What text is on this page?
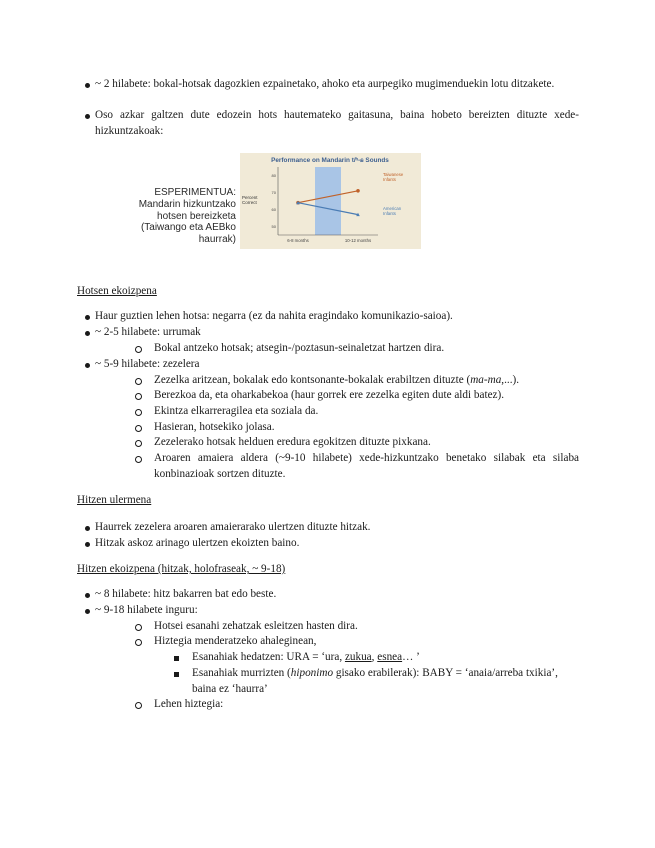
~ 2 hilabete: bokal-hotsak dagozkien ezpainetako, ahoko eta aurpegiko mugimenduekin lotu ditzakete.
Oso azkar galtzen dute edozein hots hautemateko gaitasuna, baina hobeto bereizten dituzte xede-hizkuntzakoak:
ESPERIMENTUA:
Mandarin hizkuntzako
hotsen bereizketa
(Taiwango eta AEBko
haurrak)
Performance on Mandarin t/ʰ-ɕ Sounds
Percent
Correct
Taiwanese
Infants
American
Infants
80
70
60
50
6-8 months	10-12 months
Hotsen ekoizpena
Haur guztien lehen hotsa: negarra (ez da nahita eragindako komunikazio-saioa).
~ 2-5 hilabete: urrumak
Bokal antzeko hotsak; atsegin-/poztasun-seinaletzat hartzen dira.
~ 5-9 hilabete: zezelera
Zezelka aritzean, bokalak edo kontsonante-bokalak erabiltzen dituzte (ma-ma,...).
Berezkoa da, eta oharkabekoa (haur gorrek ere zezelka egiten dute aldi batez).
Ekintza elkarreragilea eta soziala da.
Hasieran, hotsekiko jolasa.
Zezelerako hotsak helduen eredura egokitzen dituzte pixkana.
Aroaren amaiera aldera (~9-10 hilabete) xede-hizkuntzako benetako silabak eta silaba konbinazioak sortzen dituzte.
Hitzen ulermena
Haurrek zezelera aroaren amaierarako ulertzen dituzte hitzak.
Hitzak askoz arinago ulertzen ekoizten baino.
Hitzen ekoizpena (hitzak, holofraseak, ~ 9-18)
~ 8 hilabete: hitz bakarren bat edo beste.
~ 9-18 hilabete inguru:
Hotsei esanahi zehatzak esleitzen hasten dira.
Hiztegia menderatzeko ahaleginean,
Esanahiak hedatzen: URA = ‘ura, zukua, esnea… ’
Esanahiak murrizten (hiponimo gisako erabilerak): BABY = ‘anaia/arreba txikia’, baina ez ‘haurra’
Lehen hiztegia:
